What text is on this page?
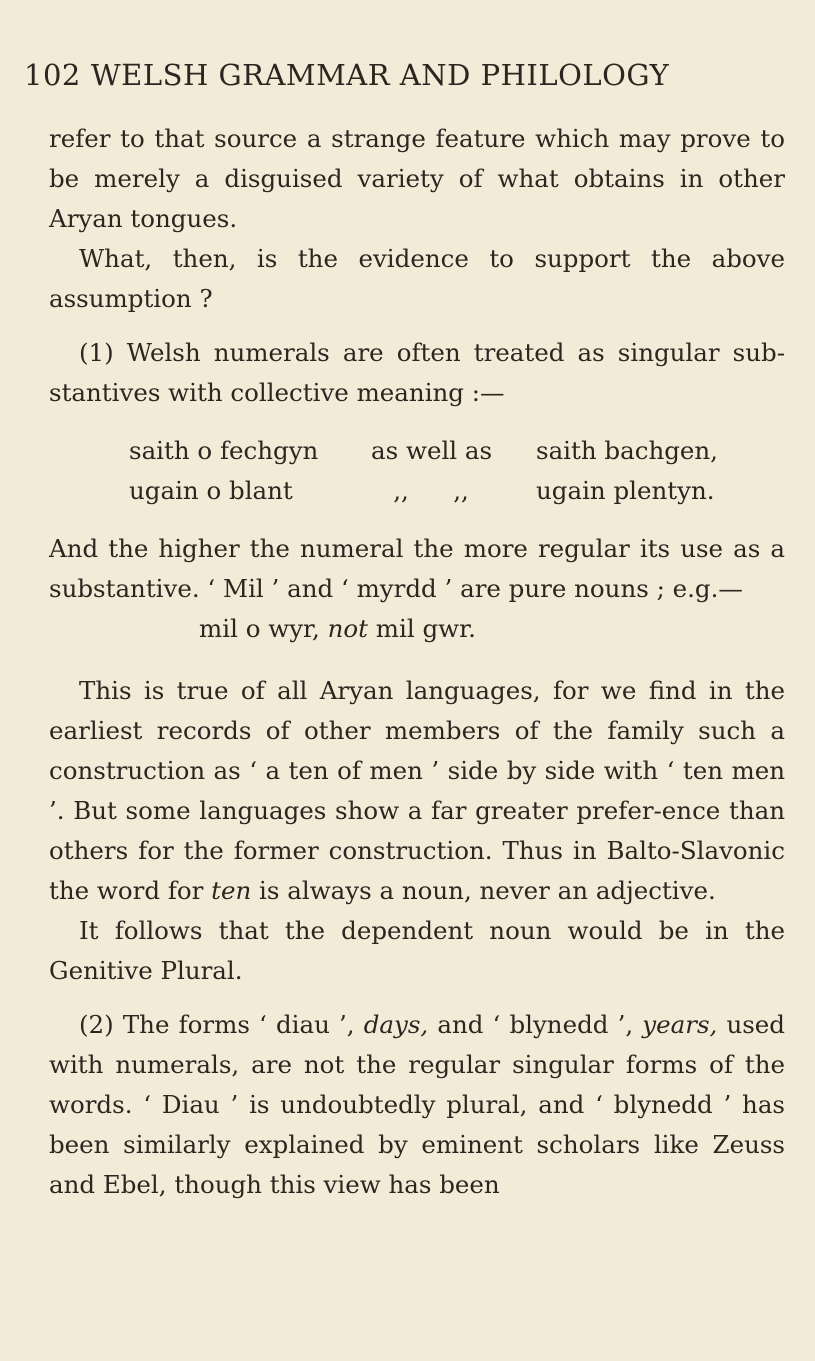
102 WELSH GRAMMAR AND PHILOLOGY

refer to that source a strange feature which may prove to be merely a disguised variety of what obtains in other Aryan tongues.

What, then, is the evidence to support the above assumption ?

(1) Welsh numerals are often treated as singular sub-stantives with collective meaning :—

saith o fechgyn	as well as	saith bachgen,
ugain o blant	,, ,,	ugain plentyn.

And the higher the numeral the more regular its use as a substantive. ‘ Mil ’ and ‘ myrdd ’ are pure nouns ; e.g.—

mil o wyr, not mil gwr.

This is true of all Aryan languages, for we find in the earliest records of other members of the family such a construction as ‘ a ten of men ’ side by side with ‘ ten men ’. But some languages show a far greater prefer-ence than others for the former construction. Thus in Balto-Slavonic the word for ten is always a noun, never an adjective.

It follows that the dependent noun would be in the Genitive Plural.

(2) The forms ‘ diau ’, days, and ‘ blynedd ’, years, used with numerals, are not the regular singular forms of the words. ‘ Diau ’ is undoubtedly plural, and ‘ blynedd ’ has been similarly explained by eminent scholars like Zeuss and Ebel, though this view has been
